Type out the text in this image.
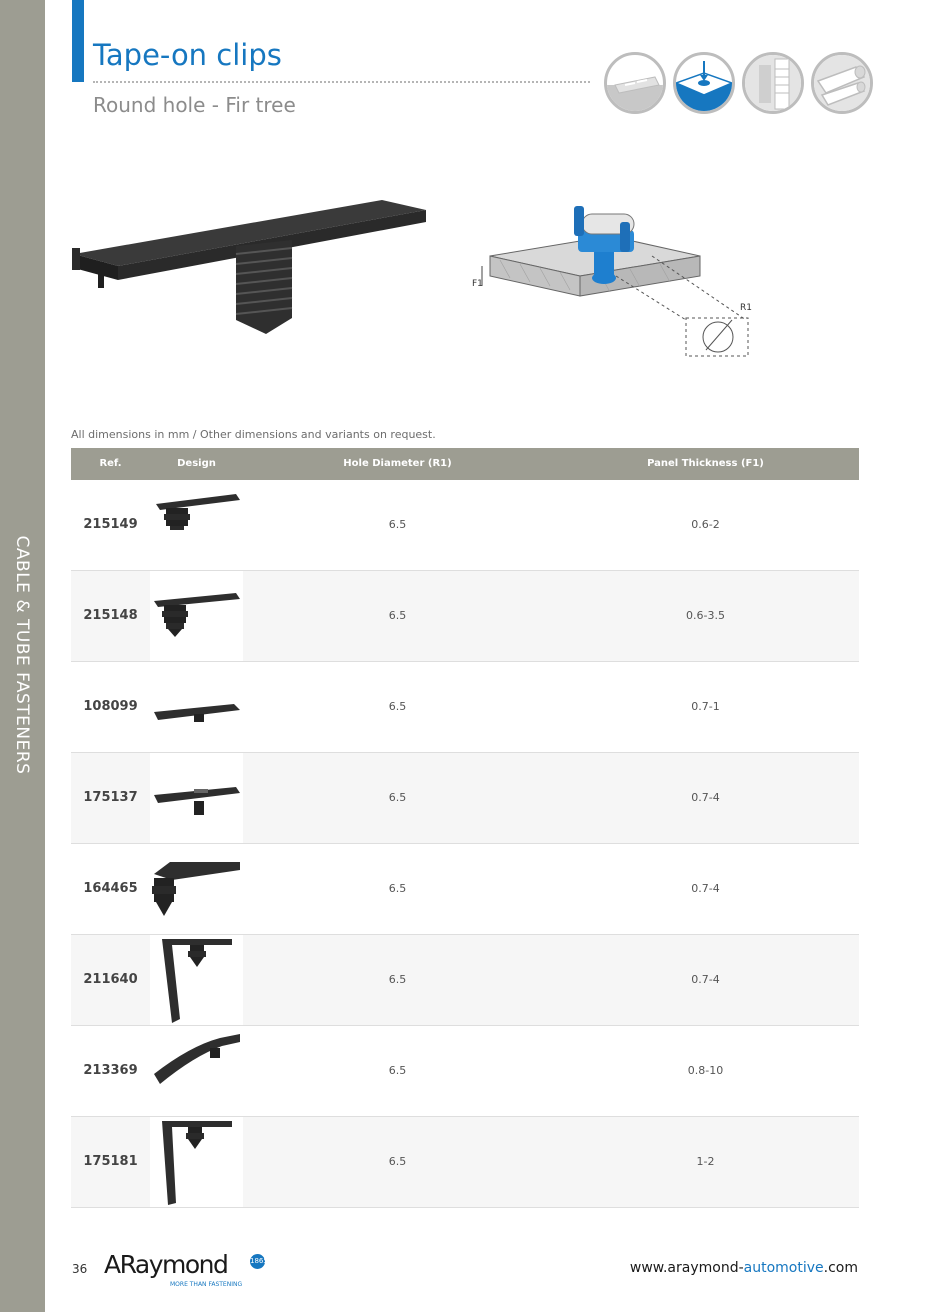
CABLE & TUBE FASTENERS
Tape-on clips
Round hole - Fir tree
F1
R1
All dimensions in mm / Other dimensions and variants on request.
Ref.	Design	Hole Diameter (R1)	Panel Thickness (F1)
215149	6.5	0.6-2
215148	6.5	0.6-3.5
108099	6.5	0.7-1
175137	6.5	0.7-4
164465	6.5	0.7-4
211640	6.5	0.7-4
213369	6.5	0.8-10
175181	6.5	1-2
36 ARaymond	1865
MORE THAN FASTENING
www.araymond-automotive.com
